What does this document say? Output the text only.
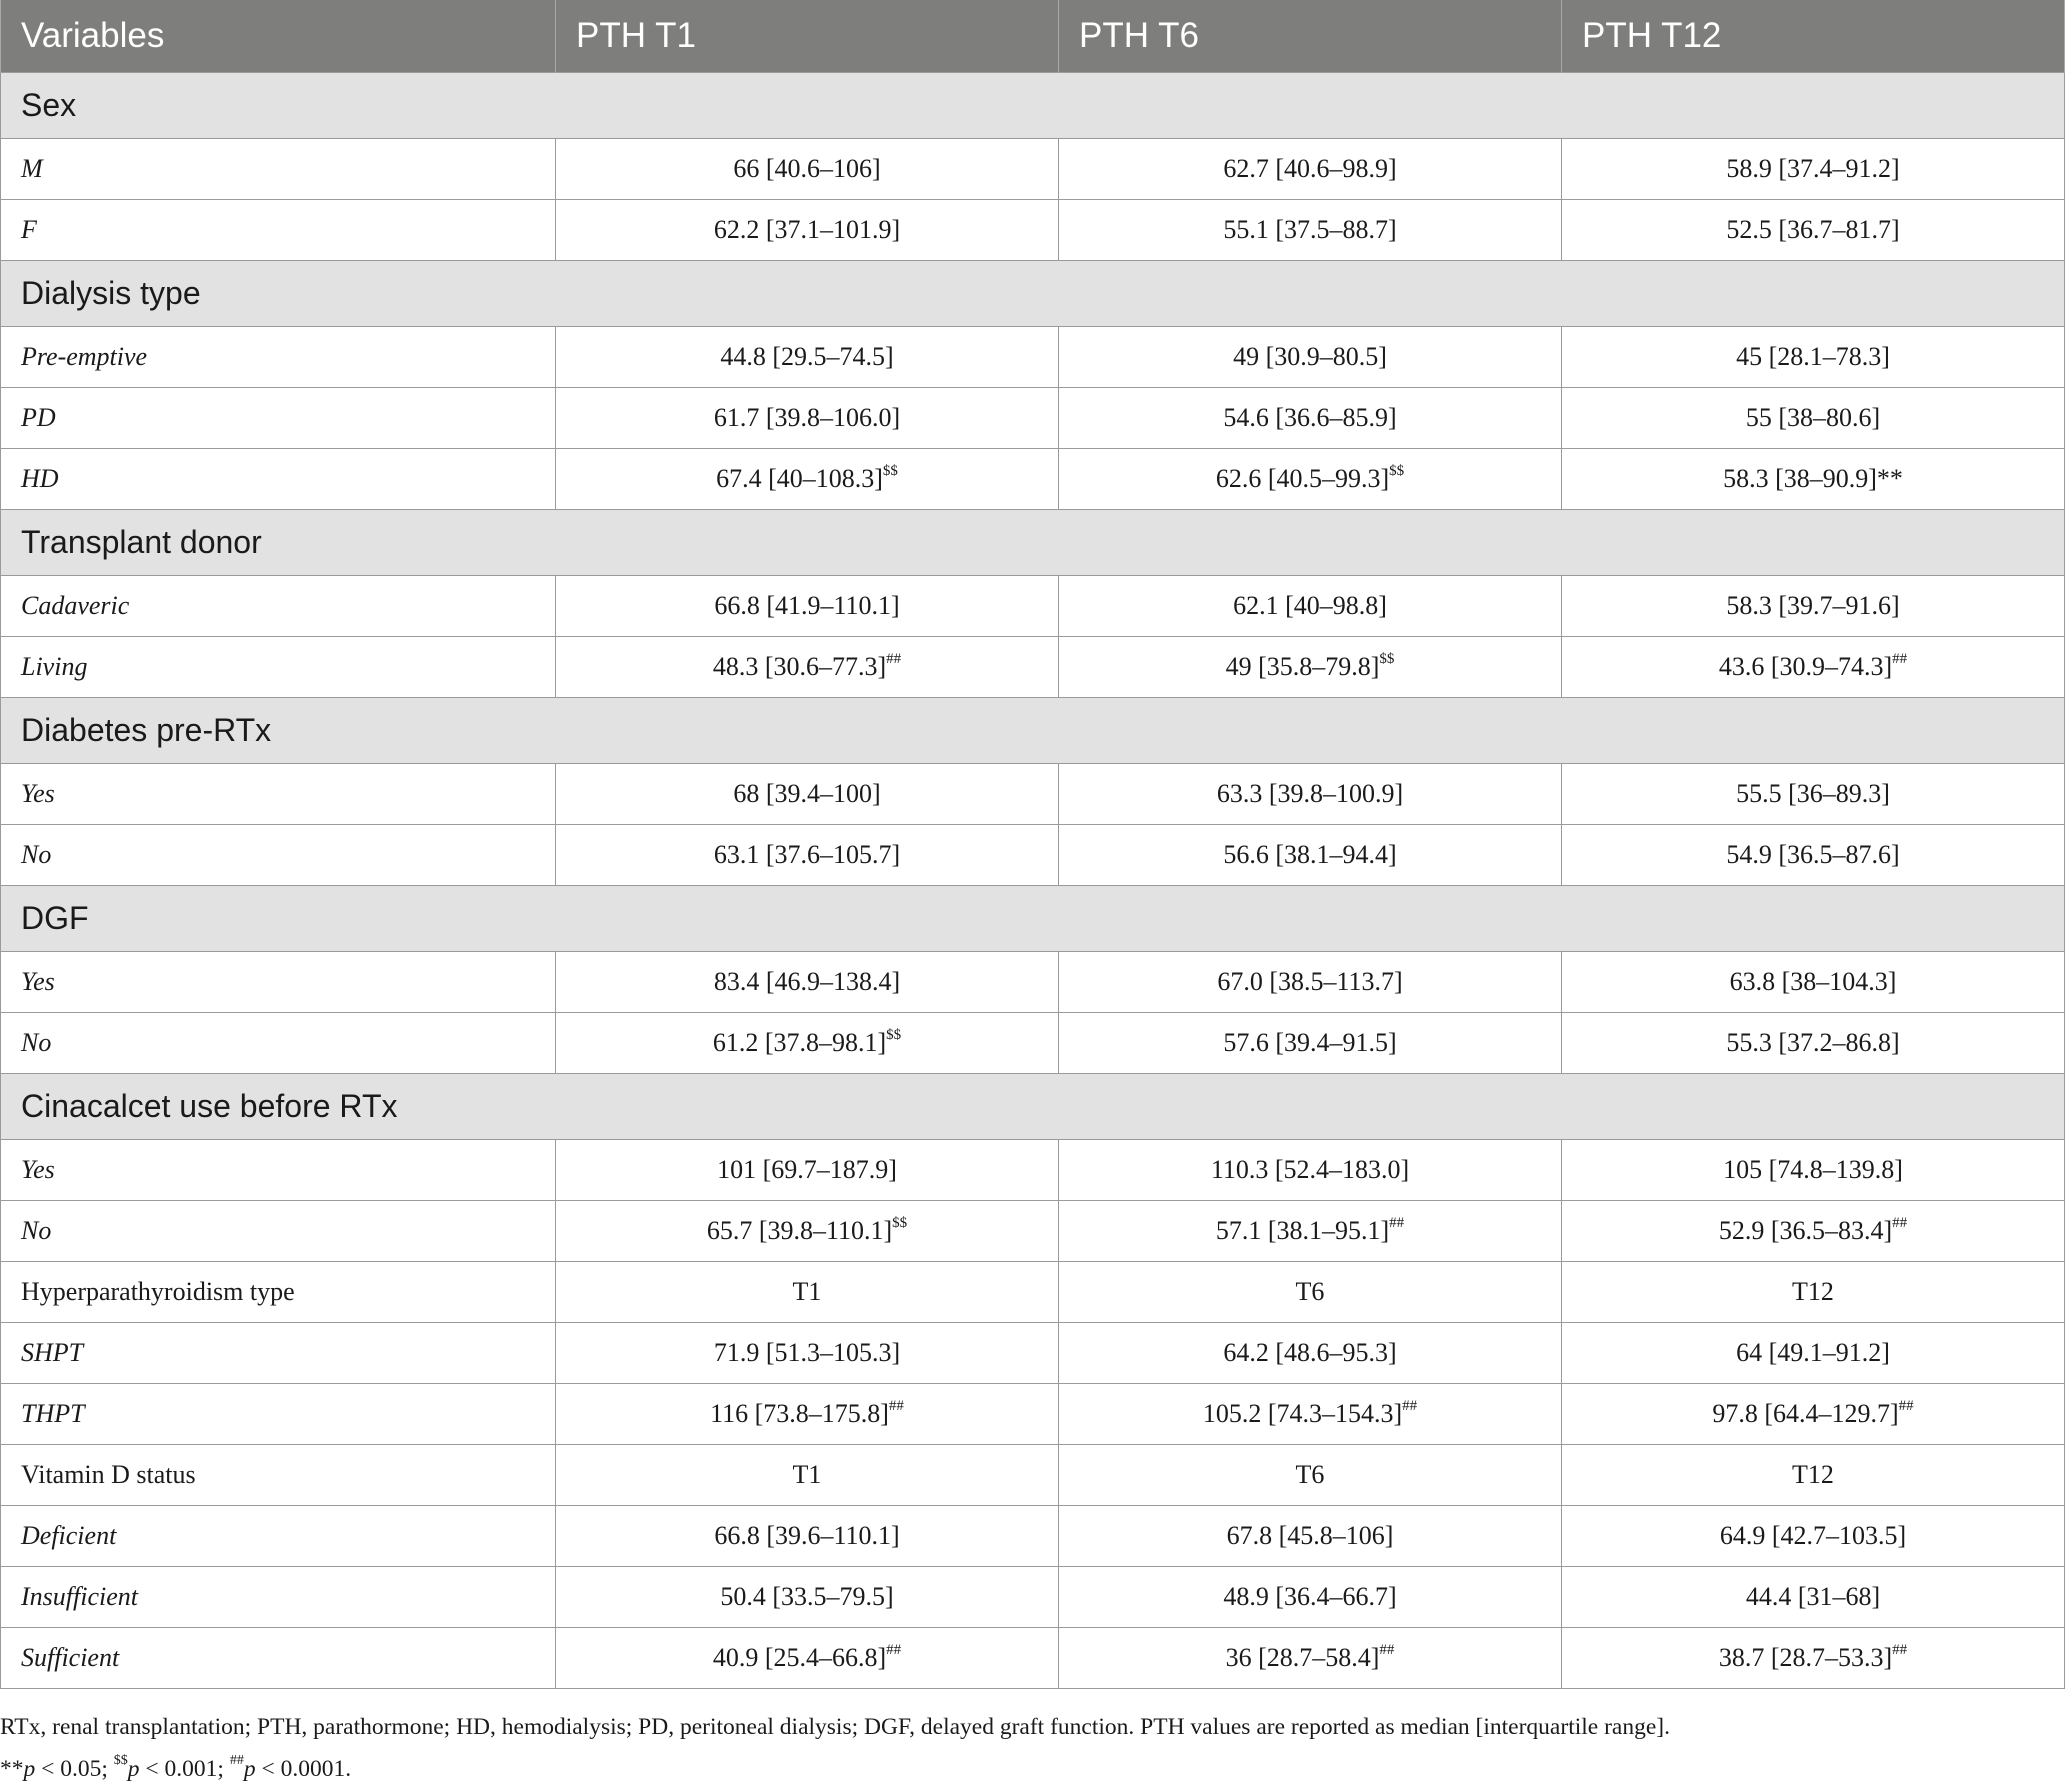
Variables	PTH T1	PTH T6	PTH T12
Sex			
M	66 [40.6–106]	62.7 [40.6–98.9]	58.9 [37.4–91.2]
F	62.2 [37.1–101.9]	55.1 [37.5–88.7]	52.5 [36.7–81.7]
Dialysis type			
Pre-emptive	44.8 [29.5–74.5]	49 [30.9–80.5]	45 [28.1–78.3]
PD	61.7 [39.8–106.0]	54.6 [36.6–85.9]	55 [38–80.6]
HD	67.4 [40–108.3]$$	62.6 [40.5–99.3]$$	58.3 [38–90.9]**
Transplant donor			
Cadaveric	66.8 [41.9–110.1]	62.1 [40–98.8]	58.3 [39.7–91.6]
Living	48.3 [30.6–77.3]##	49 [35.8–79.8]$$	43.6 [30.9–74.3]##
Diabetes pre-RTx			
Yes	68 [39.4–100]	63.3 [39.8–100.9]	55.5 [36–89.3]
No	63.1 [37.6–105.7]	56.6 [38.1–94.4]	54.9 [36.5–87.6]
DGF			
Yes	83.4 [46.9–138.4]	67.0 [38.5–113.7]	63.8 [38–104.3]
No	61.2 [37.8–98.1]$$	57.6 [39.4–91.5]	55.3 [37.2–86.8]
Cinacalcet use before RTx			
Yes	101 [69.7–187.9]	110.3 [52.4–183.0]	105 [74.8–139.8]
No	65.7 [39.8–110.1]$$	57.1 [38.1–95.1]##	52.9 [36.5–83.4]##
Hyperparathyroidism type	T1	T6	T12
SHPT	71.9 [51.3–105.3]	64.2 [48.6–95.3]	64 [49.1–91.2]
THPT	116 [73.8–175.8]##	105.2 [74.3–154.3]##	97.8 [64.4–129.7]##
Vitamin D status	T1	T6	T12
Deficient	66.8 [39.6–110.1]	67.8 [45.8–106]	64.9 [42.7–103.5]
Insufficient	50.4 [33.5–79.5]	48.9 [36.4–66.7]	44.4 [31–68]
Sufficient	40.9 [25.4–66.8]##	36 [28.7–58.4]##	38.7 [28.7–53.3]##

RTx, renal transplantation; PTH, parathormone; HD, hemodialysis; PD, peritoneal dialysis; DGF, delayed graft function. PTH values are reported as median [interquartile range].

**p < 0.05; $$p < 0.001; ##p < 0.0001.
